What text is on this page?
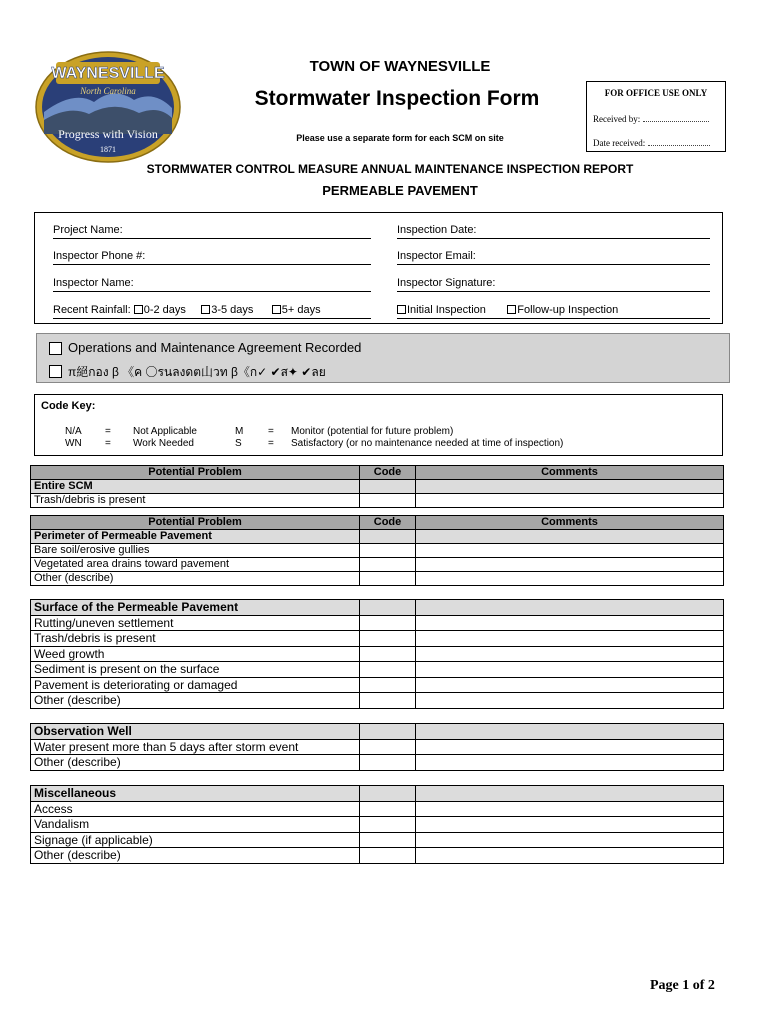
WAYNESVILLE
North Carolina
Progress with Vision
1871
TOWN OF WAYNESVILLE
Stormwater Inspection Form
Please use a separate form for each SCM on site
FOR OFFICE USE ONLY
Received by:
Date received:
STORMWATER CONTROL MEASURE ANNUAL MAINTENANCE INSPECTION REPORT
PERMEABLE PAVEMENT
Project Name:	Inspection Date:
Inspector Phone #:	Inspector Email:
Inspector Name:	Inspector Signature:
Recent Rainfall: 0-2 days 3-5 days	5+ days	Initial Inspection	Follow-up Inspection
Operations and Maintenance Agreement Recorded
π絕กอง β 《ค 〇รนลงดต山วท β《ก✓ ✔ส✦ ✔ลย
Code Key:
N/A = Not Applicable	M = Monitor (potential for future problem)
WN = Work Needed	S	= Satisfactory (or no maintenance needed at time of inspection)
Potential Problem	Code	Comments
Entire SCM		
Trash/debris is present		
Potential Problem	Code	Comments
Perimeter of Permeable Pavement		
Bare soil/erosive gullies		
Vegetated area drains toward pavement		
Other (describe)		
Surface of the Permeable Pavement		
Rutting/uneven settlement		
Trash/debris is present		
Weed growth		
Sediment is present on the surface		
Pavement is deteriorating or damaged		
Other (describe)		
Observation Well		
Water present more than 5 days after storm event		
Other (describe)		
Miscellaneous		
Access		
Vandalism		
Signage (if applicable)		
Other (describe)		
Page 1 of 2
